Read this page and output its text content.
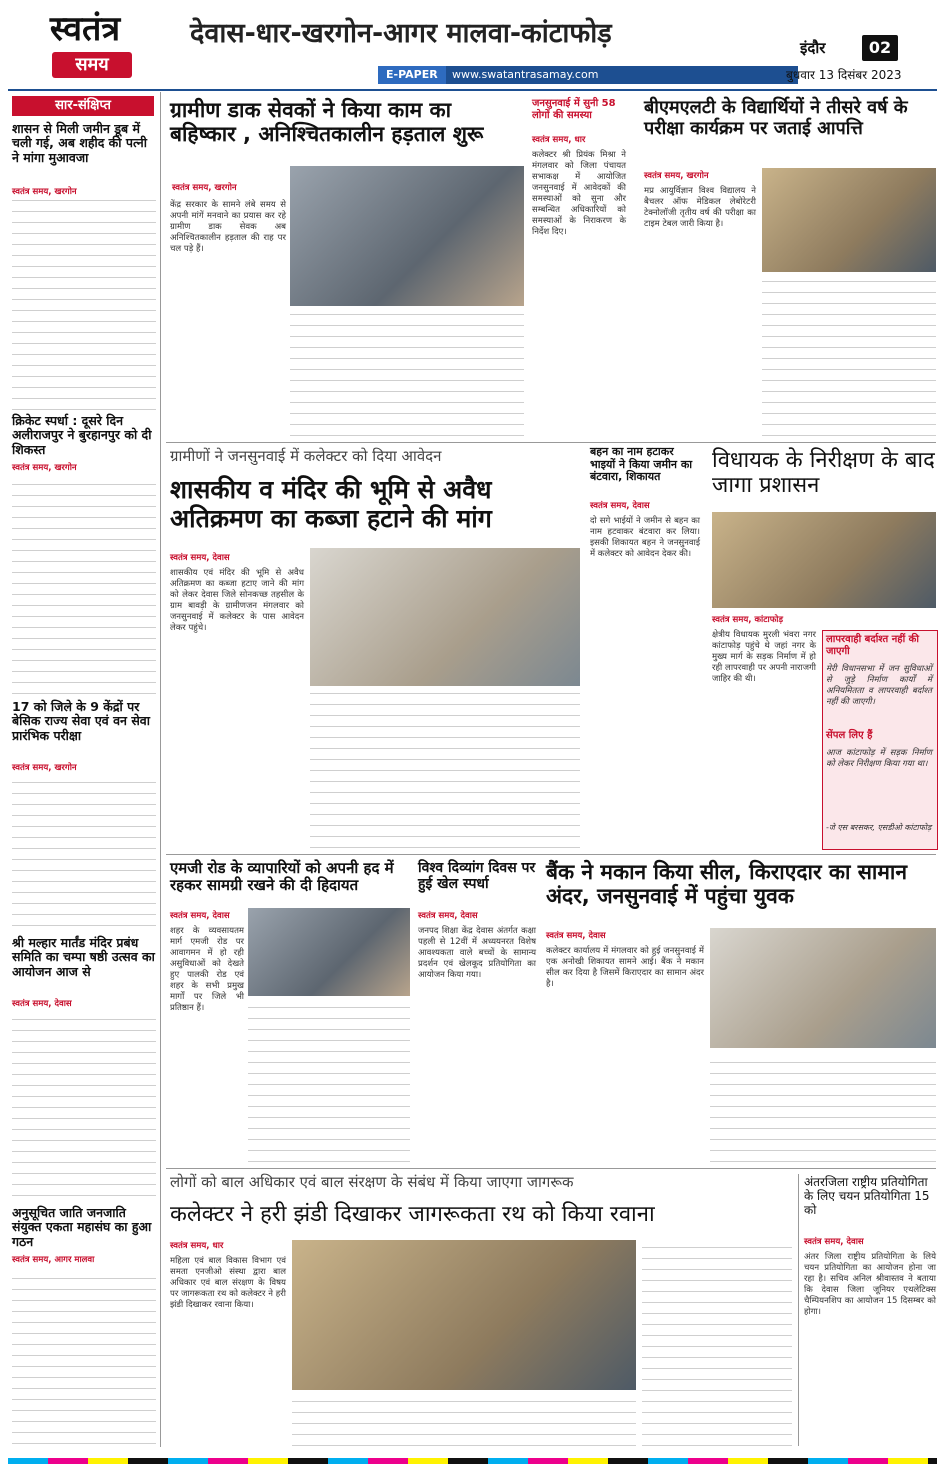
स्वतंत्र
समय
देवास-धार-खरगोन-आगर मालवा-कांटाफोड़
E-PAPER	www.swatantrasamay.com
इंदौर	02
बुधवार 13 दिसंबर 2023
सार-संक्षिप्त
शासन से मिली जमीन डूब में चली गई, अब शहीद की पत्नी ने मांगा मुआवजा
स्वतंत्र समय, खरगोन
क्रिकेट स्पर्धा : दूसरे दिन अलीराजपुर ने बुरहानपुर को दी शिकस्त
स्वतंत्र समय, खरगोन
17 को जिले के 9 केंद्रों पर बेसिक राज्य सेवा एवं वन सेवा प्रारंभिक परीक्षा
स्वतंत्र समय, खरगोन
श्री मल्हार मार्तंड मंदिर प्रबंध समिति का चम्पा षष्ठी उत्सव का आयोजन आज से
स्वतंत्र समय, देवास
अनुसूचित जाति जनजाति संयुक्त एकता महासंघ का हुआ गठन
स्वतंत्र समय, आगर मालवा
ग्रामीण डाक सेवकों ने किया काम का बहिष्कार , अनिश्चितकालीन हड़ताल शुरू
स्वतंत्र समय, खरगोन
केंद्र सरकार के सामने लंबे समय से अपनी मांगें मनवाने का प्रयास कर रहे ग्रामीण डाक सेवक अब अनिश्चितकालीन हड़ताल की राह पर चल पड़े हैं।
जनसुनवाई में सुनी 58 लोगों की समस्या
स्वतंत्र समय, धार
कलेक्टर श्री प्रियंक मिश्रा ने मंगलवार को जिला पंचायत सभाकक्ष में आयोजित जनसुनवाई में आवेदकों की समस्याओं को सुना और सम्बन्धित अधिकारियों को समस्याओं के निराकरण के निर्देश दिए।
बीएमएलटी के विद्यार्थियों ने तीसरे वर्ष के परीक्षा कार्यक्रम पर जताई आपत्ति
स्वतंत्र समय, खरगोन
मप्र आयुर्विज्ञान विश्व विद्यालय ने बैचलर ऑफ मेडिकल लेबोरेटरी टेक्नोलॉजी तृतीय वर्ष की परीक्षा का टाइम टेबल जारी किया है।
ग्रामीणों ने जनसुनवाई में कलेक्टर को दिया आवेदन
शासकीय व मंदिर की भूमि से अवैध अतिक्रमण का कब्जा हटाने की मांग
स्वतंत्र समय, देवास
शासकीय एवं मंदिर की भूमि से अवैध अतिक्रमण का कब्जा हटाए जाने की मांग को लेकर देवास जिले सोनकच्छ तहसील के ग्राम बावड़ी के ग्रामीणजन मंगलवार को जनसुनवाई में कलेक्टर के पास आवेदन लेकर पहुंचे।
बहन का नाम हटाकर भाइयों ने किया जमीन का बंटवारा, शिकायत
स्वतंत्र समय, देवास
दो सगे भाईयों ने जमीन से बहन का नाम हटवाकर बंटवारा कर लिया। इसकी शिकायत बहन ने जनसुनवाई में कलेक्टर को आवेदन देकर की।
विधायक के निरीक्षण के बाद जागा प्रशासन
स्वतंत्र समय, कांटाफोड़
क्षेत्रीय विधायक मुरली भंवरा नगर कांटाफोड़ पहुंचे थे जहां नगर के मुख्य मार्ग के सड़क निर्माण में हो रही लापरवाही पर अपनी नाराजगी जाहिर की थी।
लापरवाही बर्दाश्त नहीं की जाएगी
मेरी विधानसभा में जन सुविधाओं से जुड़े निर्माण कार्यों में अनियमितता व लापरवाही बर्दाश्त नहीं की जाएगी।
सेंपल लिए हैं
आज कांटाफोड़ में सड़क निर्माण को लेकर निरीक्षण किया गया था।
-जे एस बरसकर, एसडीओ कांटाफोड़
एमजी रोड के व्यापारियों को अपनी हद में रहकर सामग्री रखने की दी हिदायत
स्वतंत्र समय, देवास
शहर के व्यवसायतम मार्ग एमजी रोड पर आवागमन में हो रही असुविधाओं को देखते हुए पालकी रोड एवं शहर के सभी प्रमुख मार्गों पर जिले भी प्रतिष्ठान हैं।
विश्व दिव्यांग दिवस पर हुई खेल स्पर्धा
स्वतंत्र समय, देवास
जनपद शिक्षा केंद्र देवास अंतर्गत कक्षा पहली से 12वीं में अध्ययनरत विशेष आवश्यकता वाले बच्चों के सामान्य प्रदर्शन एवं खेलकूद प्रतियोगिता का आयोजन किया गया।
बैंक ने मकान किया सील, किराएदार का सामान अंदर, जनसुनवाई में पहुंचा युवक
स्वतंत्र समय, देवास
कलेक्टर कार्यालय में मंगलवार को हुई जनसुनवाई में एक अनोखी शिकायत सामने आई। बैंक ने मकान सील कर दिया है जिसमें किराएदार का सामान अंदर है।
लोगों को बाल अधिकार एवं बाल संरक्षण के संबंध में किया जाएगा जागरूक
कलेक्टर ने हरी झंडी दिखाकर जागरूकता रथ को किया रवाना
स्वतंत्र समय, धार
महिला एवं बाल विकास विभाग एवं समता एनजीओ संस्था द्वारा बाल अधिकार एवं बाल संरक्षण के विषय पर जागरूकता रथ को कलेक्टर ने हरी झंडी दिखाकर रवाना किया।
अंतरजिला राष्ट्रीय प्रतियोगिता के लिए चयन प्रतियोगिता 15 को
स्वतंत्र समय, देवास
अंतर जिला राष्ट्रीय प्रतियोगिता के लिये चयन प्रतियोगिता का आयोजन होना जा रहा है। सचिव अनिल श्रीवास्तव ने बताया कि देवास जिला जूनियर एथलेटिक्स चैम्पियनशिप का आयोजन 15 दिसम्बर को होगा।
